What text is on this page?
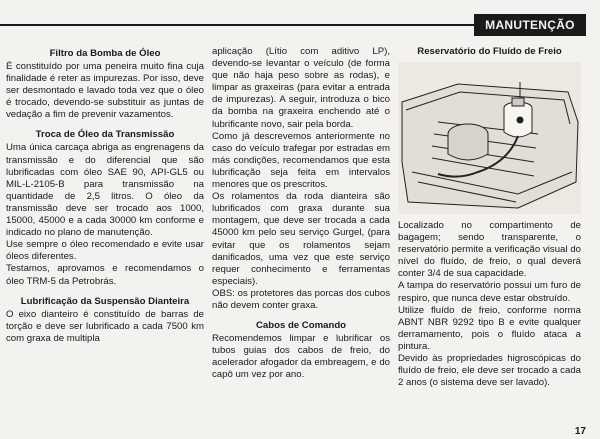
MANUTENÇÃO
Filtro da Bomba de Óleo

É constituído por uma peneira muito fina cuja finalidade é reter as impurezas. Por isso, deve ser desmontado e lavado toda vez que o óleo é trocado, devendo-se substituir as juntas de vedação a fim de prevenir vazamentos.

Troca de Óleo da Transmissão

Uma única carcaça abriga as engrenagens da transmissão e do diferencial que são lubrificadas com óleo SAE 90, API-GL5 ou MIL-L-2105-B para transmissão na quantidade de 2,5 litros. O óleo da transmissão deve ser trocado aos 1000, 15000, 45000 e a cada 30000 km conforme e indicado no plano de manutenção.

Use sempre o óleo recomendado e evite usar óleos diferentes.

Testamos, aprovamos e recomendamos o óleo TRM-5 da Petrobrás.

Lubrificação da Suspensão Dianteira

O eixo dianteiro é constituído de barras de torção e deve ser lubrificado a cada 7500 km com graxa de multipla

aplicação (Lítio com aditivo LP), devendo-se levantar o veículo (de forma que não haja peso sobre as rodas), e limpar as graxeiras (para evitar a entrada de impurezas). A seguir, introduza o bico da bomba na graxeira enchendo até o lubrificante novo, sair pela borda.

Como já descrevemos anteriormente no caso do veículo trafegar por estradas em más condições, recomendamos que esta lubrificação seja feita em intervalos menores que os prescritos.

Os rolamentos da roda dianteira são lubrificados com graxa durante sua montagem, que deve ser trocada a cada 45000 km pelo seu serviço Gurgel, (para evitar que os rolamentos sejam danificados, uma vez que este serviço requer conhecimento e ferramentas especiais).

OBS: os protetores das porcas dos cubos não devem conter graxa.

Cabos de Comando

Recomendemos limpar e lubrificar os tubos guias dos cabos de freio, do acelerador afogador da embreagem, e do capô um vez por ano.

Reservatório do Fluído de Freio

Localizado no compartimento de bagagem; sendo transparente, o reservatório permite a verificação visual do nível do fluído, de freio, o qual deverá conter 3/4 de sua capacidade.

A tampa do reservatório possui um furo de respiro, que nunca deve estar obstruído.

Utilize fluído de freio, conforme norma ABNT NBR 9292 tipo B e evite qualquer derramamento, pois o fluído ataca a pintura.

Devido às propriedades higroscópicas do fluído de freio, ele deve ser trocado a cada 2 anos (o sistema deve ser lavado).

17
